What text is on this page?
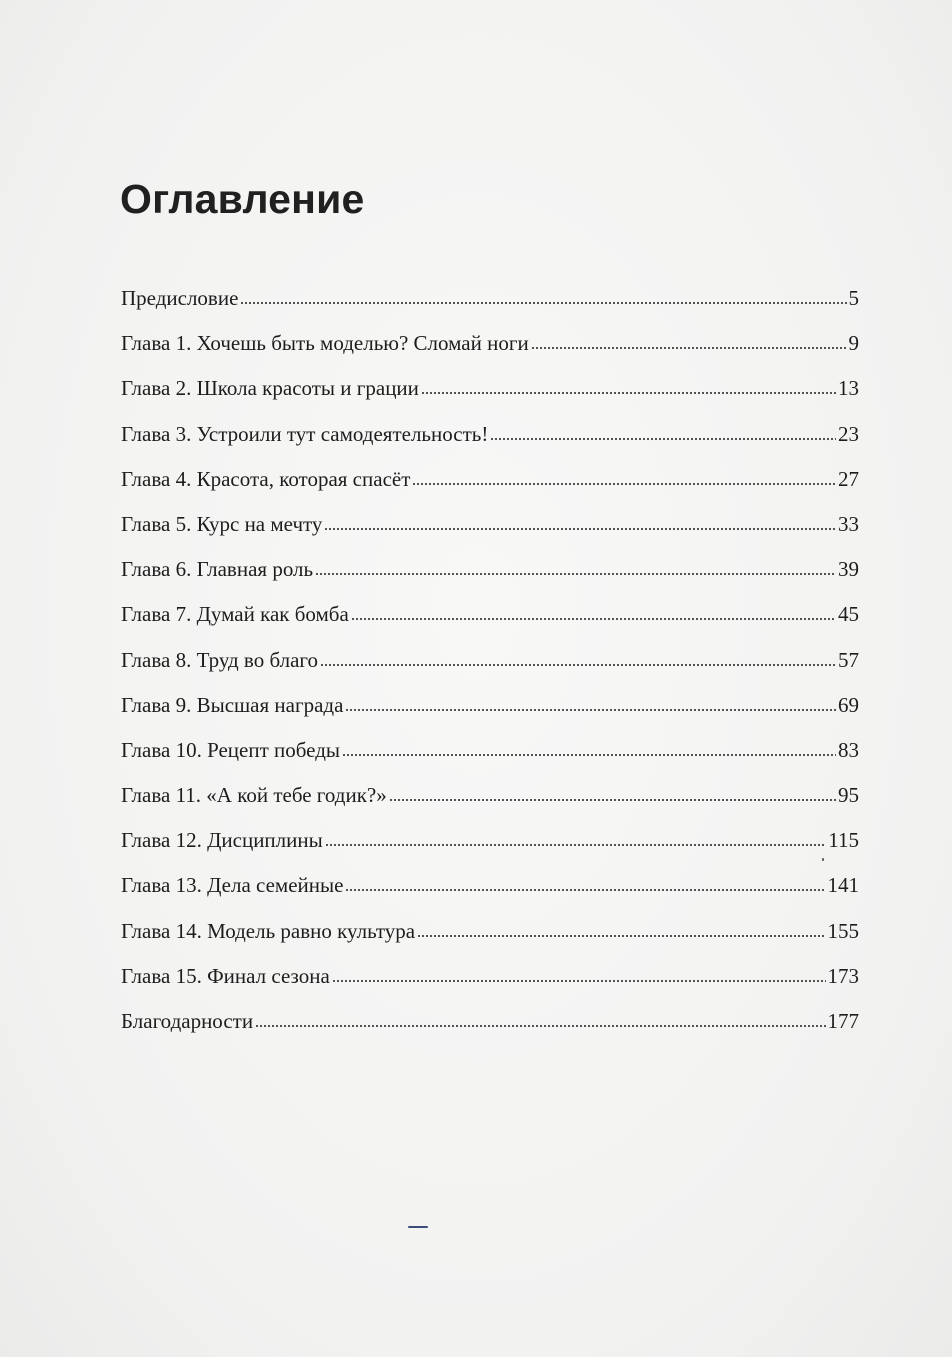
Оглавление
Предисловие	5
Глава 1. Хочешь быть моделью? Сломай ноги	9
Глава 2. Школа красоты и грации	13
Глава 3. Устроили тут самодеятельность!	23
Глава 4. Красота, которая спасёт	27
Глава 5. Курс на мечту	33
Глава 6. Главная роль	39
Глава 7. Думай как бомба	45
Глава 8. Труд во благо	57
Глава 9. Высшая награда	69
Глава 10. Рецепт победы	83
Глава 11. «А кой тебе годик?»	95
Глава 12. Дисциплины	115
Глава 13. Дела семейные	141
Глава 14. Модель равно культура	155
Глава 15. Финал сезона	173
Благодарности	177
